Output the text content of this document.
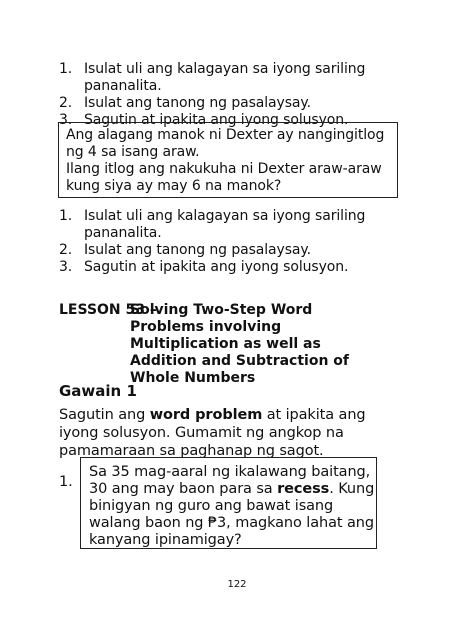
1. Isulat uli ang kalagayan sa iyong sariling pananalita.
2. Isulat ang tanong ng pasalaysay.
3. Sagutin at ipakita ang iyong solusyon.
Ang alagang manok ni Dexter ay nangingitlog ng 4 sa isang araw.
Ilang itlog ang nakukuha ni Dexter araw-araw kung siya ay may 6 na manok?
1. Isulat uli ang kalagayan sa iyong sariling pananalita.
2. Isulat ang tanong ng pasalaysay.
3. Sagutin at ipakita ang iyong solusyon.
LESSON 53 –
Solving Two-Step Word Problems involving Multiplication as well as Addition and Subtraction of Whole Numbers
Gawain 1
Sagutin ang word problem at ipakita ang iyong solusyon. Gumamit ng angkop na pamamaraan sa paghanap ng sagot.
1.
Sa 35 mag-aaral ng ikalawang baitang, 30 ang may baon para sa recess. Kung binigyan ng guro ang bawat isang walang baon ng ₱3, magkano lahat ang kanyang ipinamigay?
122
